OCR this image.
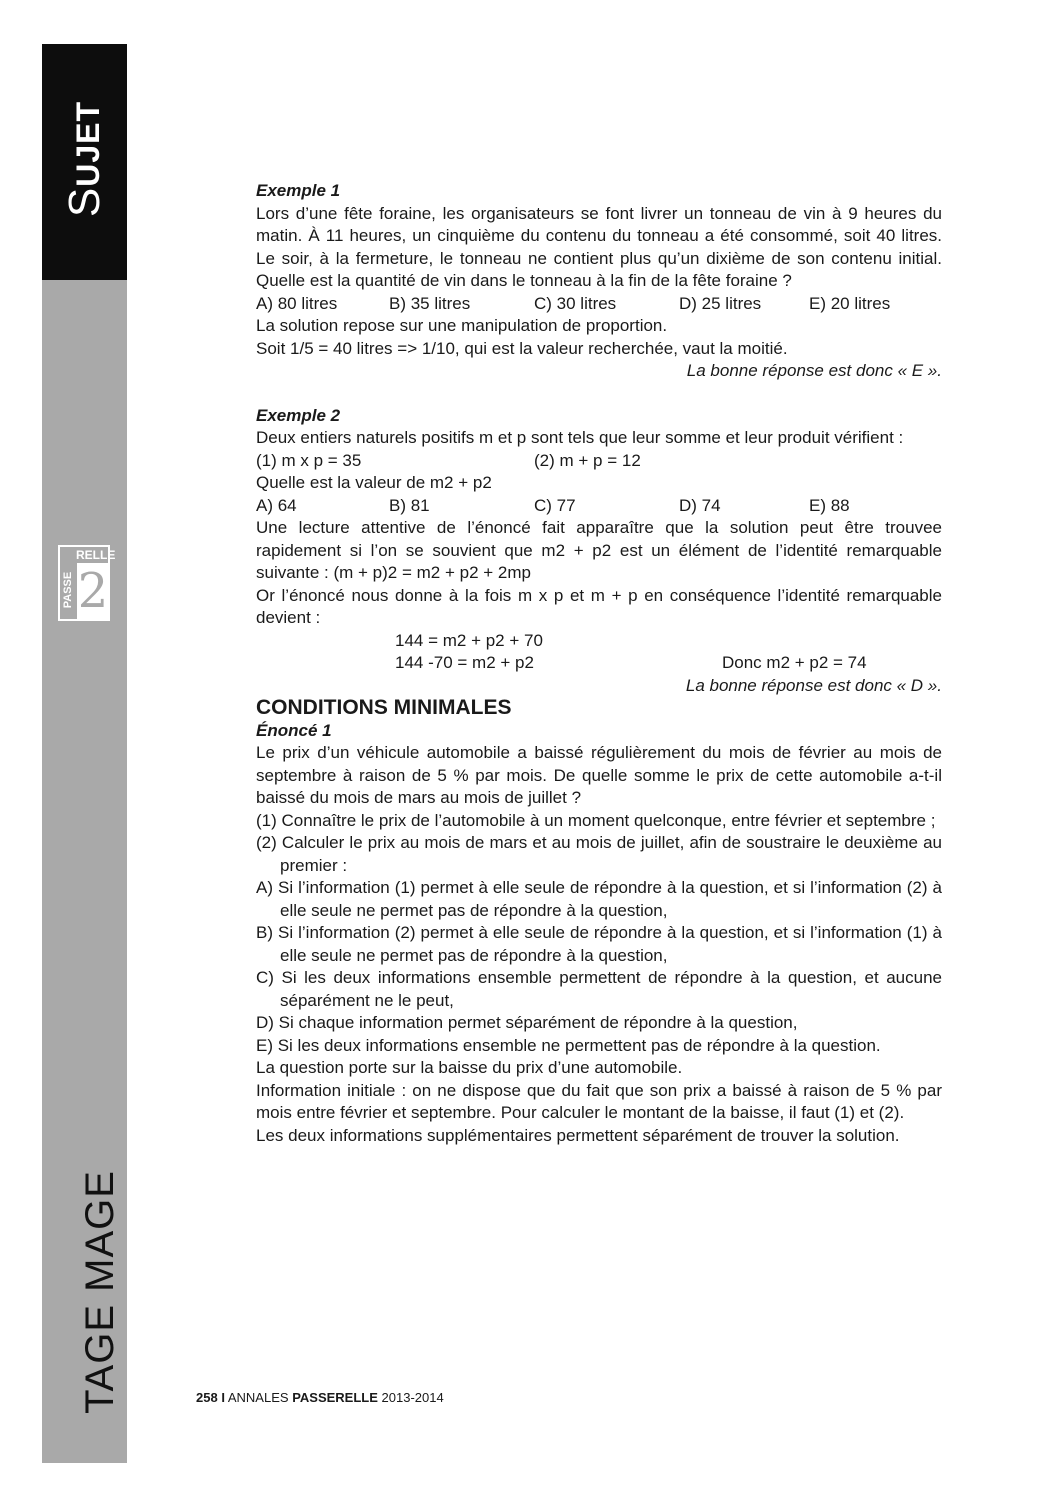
SUJET
RELLE
PASSE 2
TAGE MAGE

Exemple 1

Lors d’une fête foraine, les organisateurs se font livrer un tonneau de vin à 9 heures du matin. À 11 heures, un cinquième du contenu du tonneau a été consommé, soit 40 litres. Le soir, à la fermeture, le tonneau ne contient plus qu’un dixième de son contenu initial. Quelle est la quantité de vin dans le tonneau à la fin de la fête foraine ?

A) 80 litres	B) 35 litres	C) 30 litres	D) 25 litres	E) 20 litres

La solution repose sur une manipulation de proportion.

Soit 1/5 = 40 litres => 1/10, qui est la valeur recherchée, vaut la moitié.

La bonne réponse est donc « E ».

Exemple 2

Deux entiers naturels positifs m et p sont tels que leur somme et leur produit vérifient :

(1) m x p = 35	(2) m + p = 12

Quelle est la valeur de m2 + p2

A) 64	B) 81	C) 77	D) 74	E) 88

Une lecture attentive de l’énoncé fait apparaître que la solution peut être trouvee rapidement si l’on se souvient que m2 + p2 est un élément de l’identité remarquable suivante : (m + p)2 = m2 + p2 + 2mp

Or l’énoncé nous donne à la fois m x p et m + p en conséquence l’identité remarquable devient :

144 = m2 + p2 + 70
144 -70 = m2 + p2	Donc m2 + p2 = 74

La bonne réponse est donc « D ».

CONDITIONS MINIMALES

Énoncé 1

Le prix d’un véhicule automobile a baissé régulièrement du mois de février au mois de septembre à raison de 5 % par mois. De quelle somme le prix de cette automobile a-t-il baissé du mois de mars au mois de juillet ?

(1) Connaître le prix de l’automobile à un moment quelconque, entre février et septembre ;

(2) Calculer le prix au mois de mars et au mois de juillet, afin de soustraire le deuxième au premier :

A) Si l’information (1) permet à elle seule de répondre à la question, et si l’information (2) à elle seule ne permet pas de répondre à la question,

B) Si l’information (2) permet à elle seule de répondre à la question, et si l’information (1) à elle seule ne permet pas de répondre à la question,

C) Si les deux informations ensemble permettent de répondre à la question, et aucune séparément ne le peut,

D) Si chaque information permet séparément de répondre à la question,

E) Si les deux informations ensemble ne permettent pas de répondre à la question.

La question porte sur la baisse du prix d’une automobile.

Information initiale : on ne dispose que du fait que son prix a baissé à raison de 5 % par mois entre février et septembre. Pour calculer le montant de la baisse, il faut (1) et (2).

Les deux informations supplémentaires permettent séparément de trouver la solution.

258 I ANNALES PASSERELLE 2013-2014
